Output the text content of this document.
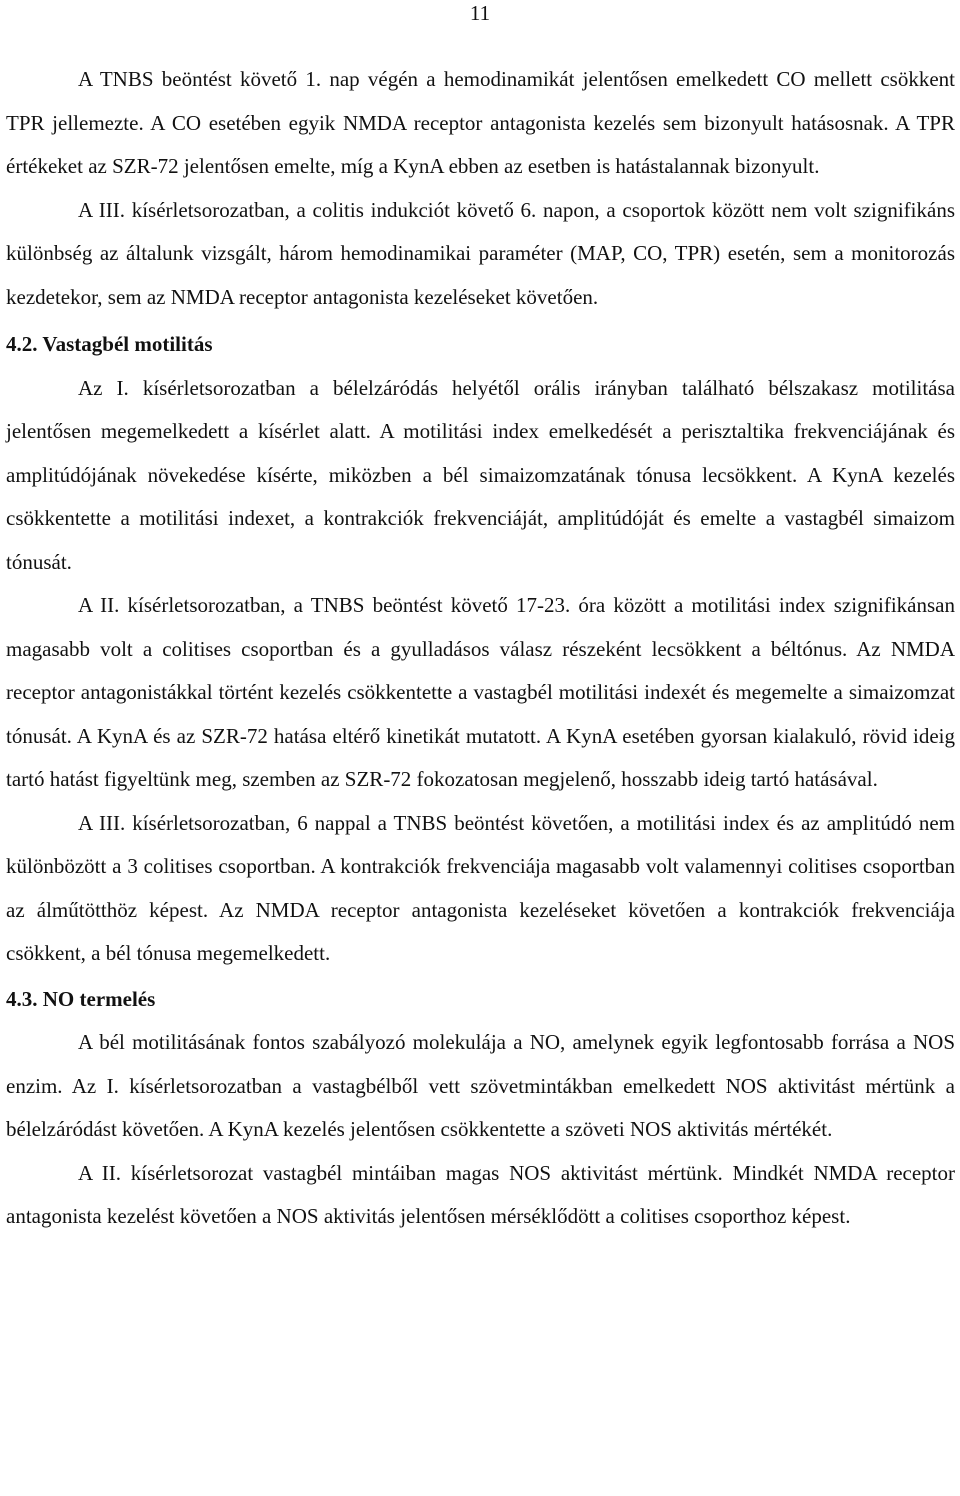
11

A TNBS beöntést követő 1. nap végén a hemodinamikát jelentősen emelkedett CO mellett csökkent TPR jellemezte. A CO esetében egyik NMDA receptor antagonista kezelés sem bizonyult hatásosnak. A TPR értékeket az SZR-72 jelentősen emelte, míg a KynA ebben az esetben is hatástalannak bizonyult.

A III. kísérletsorozatban, a colitis indukciót követő 6. napon, a csoportok között nem volt szignifikáns különbség az általunk vizsgált, három hemodinamikai paraméter (MAP, CO, TPR) esetén, sem a monitorozás kezdetekor, sem az NMDA receptor antagonista kezeléseket követően.

4.2. Vastagbél motilitás

Az I. kísérletsorozatban a bélelzáródás helyétől orális irányban található bélszakasz motilitása jelentősen megemelkedett a kísérlet alatt. A motilitási index emelkedését a perisztaltika frekvenciájának és amplitúdójának növekedése kísérte, miközben a bél simaizomzatának tónusa lecsökkent. A KynA kezelés csökkentette a motilitási indexet, a kontrakciók frekvenciáját, amplitúdóját és emelte a vastagbél simaizom tónusát.

A II. kísérletsorozatban, a TNBS beöntést követő 17-23. óra között a motilitási index szignifikánsan magasabb volt a colitises csoportban és a gyulladásos válasz részeként lecsökkent a béltónus. Az NMDA receptor antagonistákkal történt kezelés csökkentette a vastagbél motilitási indexét és megemelte a simaizomzat tónusát. A KynA és az SZR-72 hatása eltérő kinetikát mutatott. A KynA esetében gyorsan kialakuló, rövid ideig tartó hatást figyeltünk meg, szemben az SZR-72 fokozatosan megjelenő, hosszabb ideig tartó hatásával.

A III. kísérletsorozatban, 6 nappal a TNBS beöntést követően, a motilitási index és az amplitúdó nem különbözött a 3 colitises csoportban. A kontrakciók frekvenciája magasabb volt valamennyi colitises csoportban az álműtötthöz képest. Az NMDA receptor antagonista kezeléseket követően a kontrakciók frekvenciája csökkent, a bél tónusa megemelkedett.

4.3. NO termelés

A bél motilitásának fontos szabályozó molekulája a NO, amelynek egyik legfontosabb forrása a NOS enzim. Az I. kísérletsorozatban a vastagbélből vett szövetmintákban emelkedett NOS aktivitást mértünk a bélelzáródást követően. A KynA kezelés jelentősen csökkentette a szöveti NOS aktivitás mértékét.

A II. kísérletsorozat vastagbél mintáiban magas NOS aktivitást mértünk. Mindkét NMDA receptor antagonista kezelést követően a NOS aktivitás jelentősen mérséklődött a colitises csoporthoz képest.
